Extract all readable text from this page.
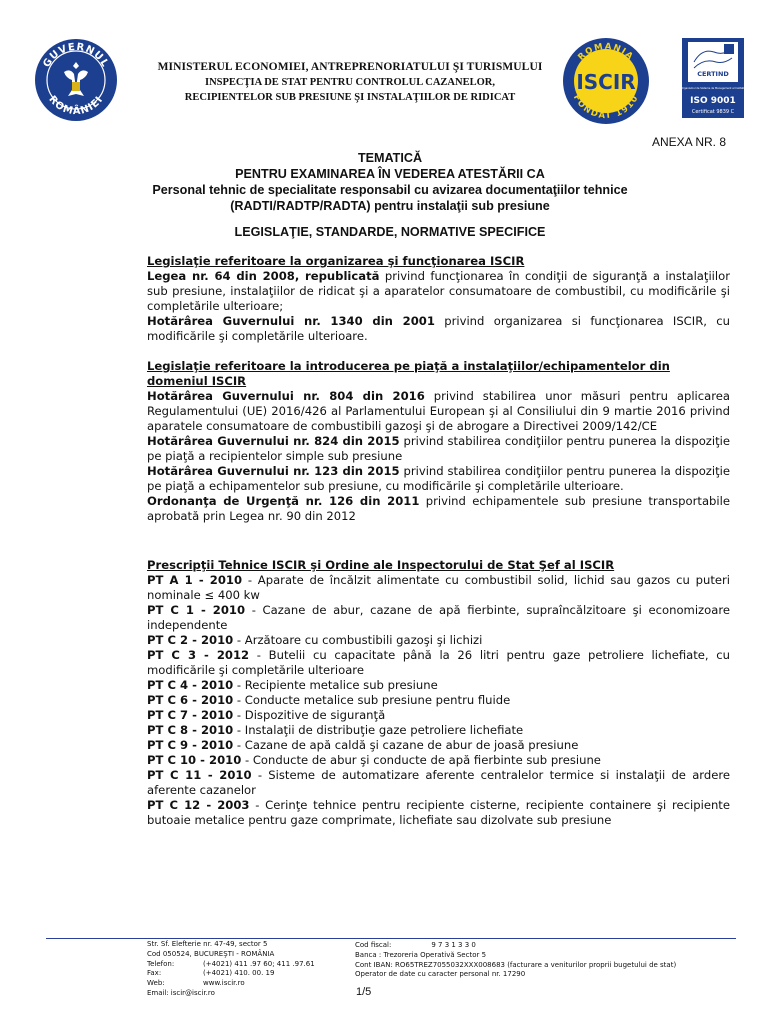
GUVERNUL
ROMÂNIEI
MINISTERUL ECONOMIEI, ANTREPRENORIATULUI ŞI TURISMULUI
INSPECŢIA DE STAT PENTRU CONTROLUL CAZANELOR,
RECIPIENTELOR SUB PRESIUNE ŞI INSTALAŢIILOR DE RIDICAT
ROMANIA
FONDAT 1910
ISCIR	CERTIND
Organismul de Sisteme de Management al Calitatii
ISO 9001
Certificat 9839 C
ANEXA NR. 8
TEMATICĂ
PENTRU EXAMINAREA ÎN VEDEREA ATESTĂRII CA
Personal tehnic de specialitate responsabil cu avizarea documentaţiilor tehnice
(RADTI/RADTP/RADTA) pentru instalaţii sub presiune
LEGISLAŢIE, STANDARDE, NORMATIVE SPECIFICE

Legislaţie referitoare la organizarea şi funcţionarea ISCIR

Legea nr. 64 din 2008, republicată privind funcţionarea în condiţii de siguranţă a instalaţiilor sub presiune, instalaţiilor de ridicat şi a aparatelor consumatoare de combustibil, cu modificările şi completările ulterioare;

Hotărârea Guvernului nr. 1340 din 2001 privind organizarea si funcţionarea ISCIR, cu modificările şi completările ulterioare.

Legislaţie referitoare la introducerea pe piaţă a instalaţiilor/echipamentelor din domeniul ISCIR

Hotărârea Guvernului nr. 804 din 2016 privind stabilirea unor măsuri pentru aplicarea Regulamentului (UE) 2016/426 al Parlamentului European şi al Consiliului din 9 martie 2016 privind aparatele consumatoare de combustibili gazoşi şi de abrogare a Directivei 2009/142/CE

Hotărârea Guvernului nr. 824 din 2015 privind stabilirea condiţiilor pentru punerea la dispoziţie pe piaţă a recipientelor simple sub presiune

Hotărârea Guvernului nr. 123 din 2015 privind stabilirea condiţiilor pentru punerea la dispoziţie pe piaţă a echipamentelor sub presiune, cu modificările şi completările ulterioare.

Ordonanţa de Urgenţă nr. 126 din 2011 privind echipamentele sub presiune transportabile aprobată prin Legea nr. 90 din 2012

Prescripţii Tehnice ISCIR şi Ordine ale Inspectorului de Stat Şef al ISCIR

PT A 1 - 2010 - Aparate de încălzit alimentate cu combustibil solid, lichid sau gazos cu puteri nominale ≤ 400 kw

PT C 1 - 2010 - Cazane de abur, cazane de apă fierbinte, supraîncălzitoare şi economizoare independente

PT C 2 - 2010 - Arzătoare cu combustibili gazoşi şi lichizi

PT C 3 - 2012 - Butelii cu capacitate până la 26 litri pentru gaze petroliere lichefiate, cu modificările şi completările ulterioare

PT C 4 - 2010 - Recipiente metalice sub presiune

PT C 6 - 2010 - Conducte metalice sub presiune pentru fluide

PT C 7 - 2010 - Dispozitive de siguranţă

PT C 8 - 2010 - Instalaţii de distribuţie gaze petroliere lichefiate

PT C 9 - 2010 - Cazane de apă caldă şi cazane de abur de joasă presiune

PT C 10 - 2010 - Conducte de abur şi conducte de apă fierbinte sub presiune

PT C 11 - 2010 - Sisteme de automatizare aferente centralelor termice si instalaţii de ardere aferente cazanelor

PT C 12 - 2003 - Cerinţe tehnice pentru recipiente cisterne, recipiente containere şi recipiente butoaie metalice pentru gaze comprimate, lichefiate sau dizolvate sub presiune

Str. Sf. Elefterie nr. 47-49, sector 5
Cod 050524, BUCUREŞTI - ROMÂNIA
Telefon:	(+4021) 411 .97 60; 411 .97.61
Fax:	(+4021) 410. 00. 19
Web:	www.iscir.ro
Email: iscir@iscir.ro
Cod fiscal:	9 7 3 1 3 3 0
Banca : Trezoreria Operativă Sector 5
Cont IBAN: RO65TREZ7055032XXX008683 (facturare a veniturilor proprii bugetului de stat)
Operator de date cu caracter personal nr. 17290
1/5
